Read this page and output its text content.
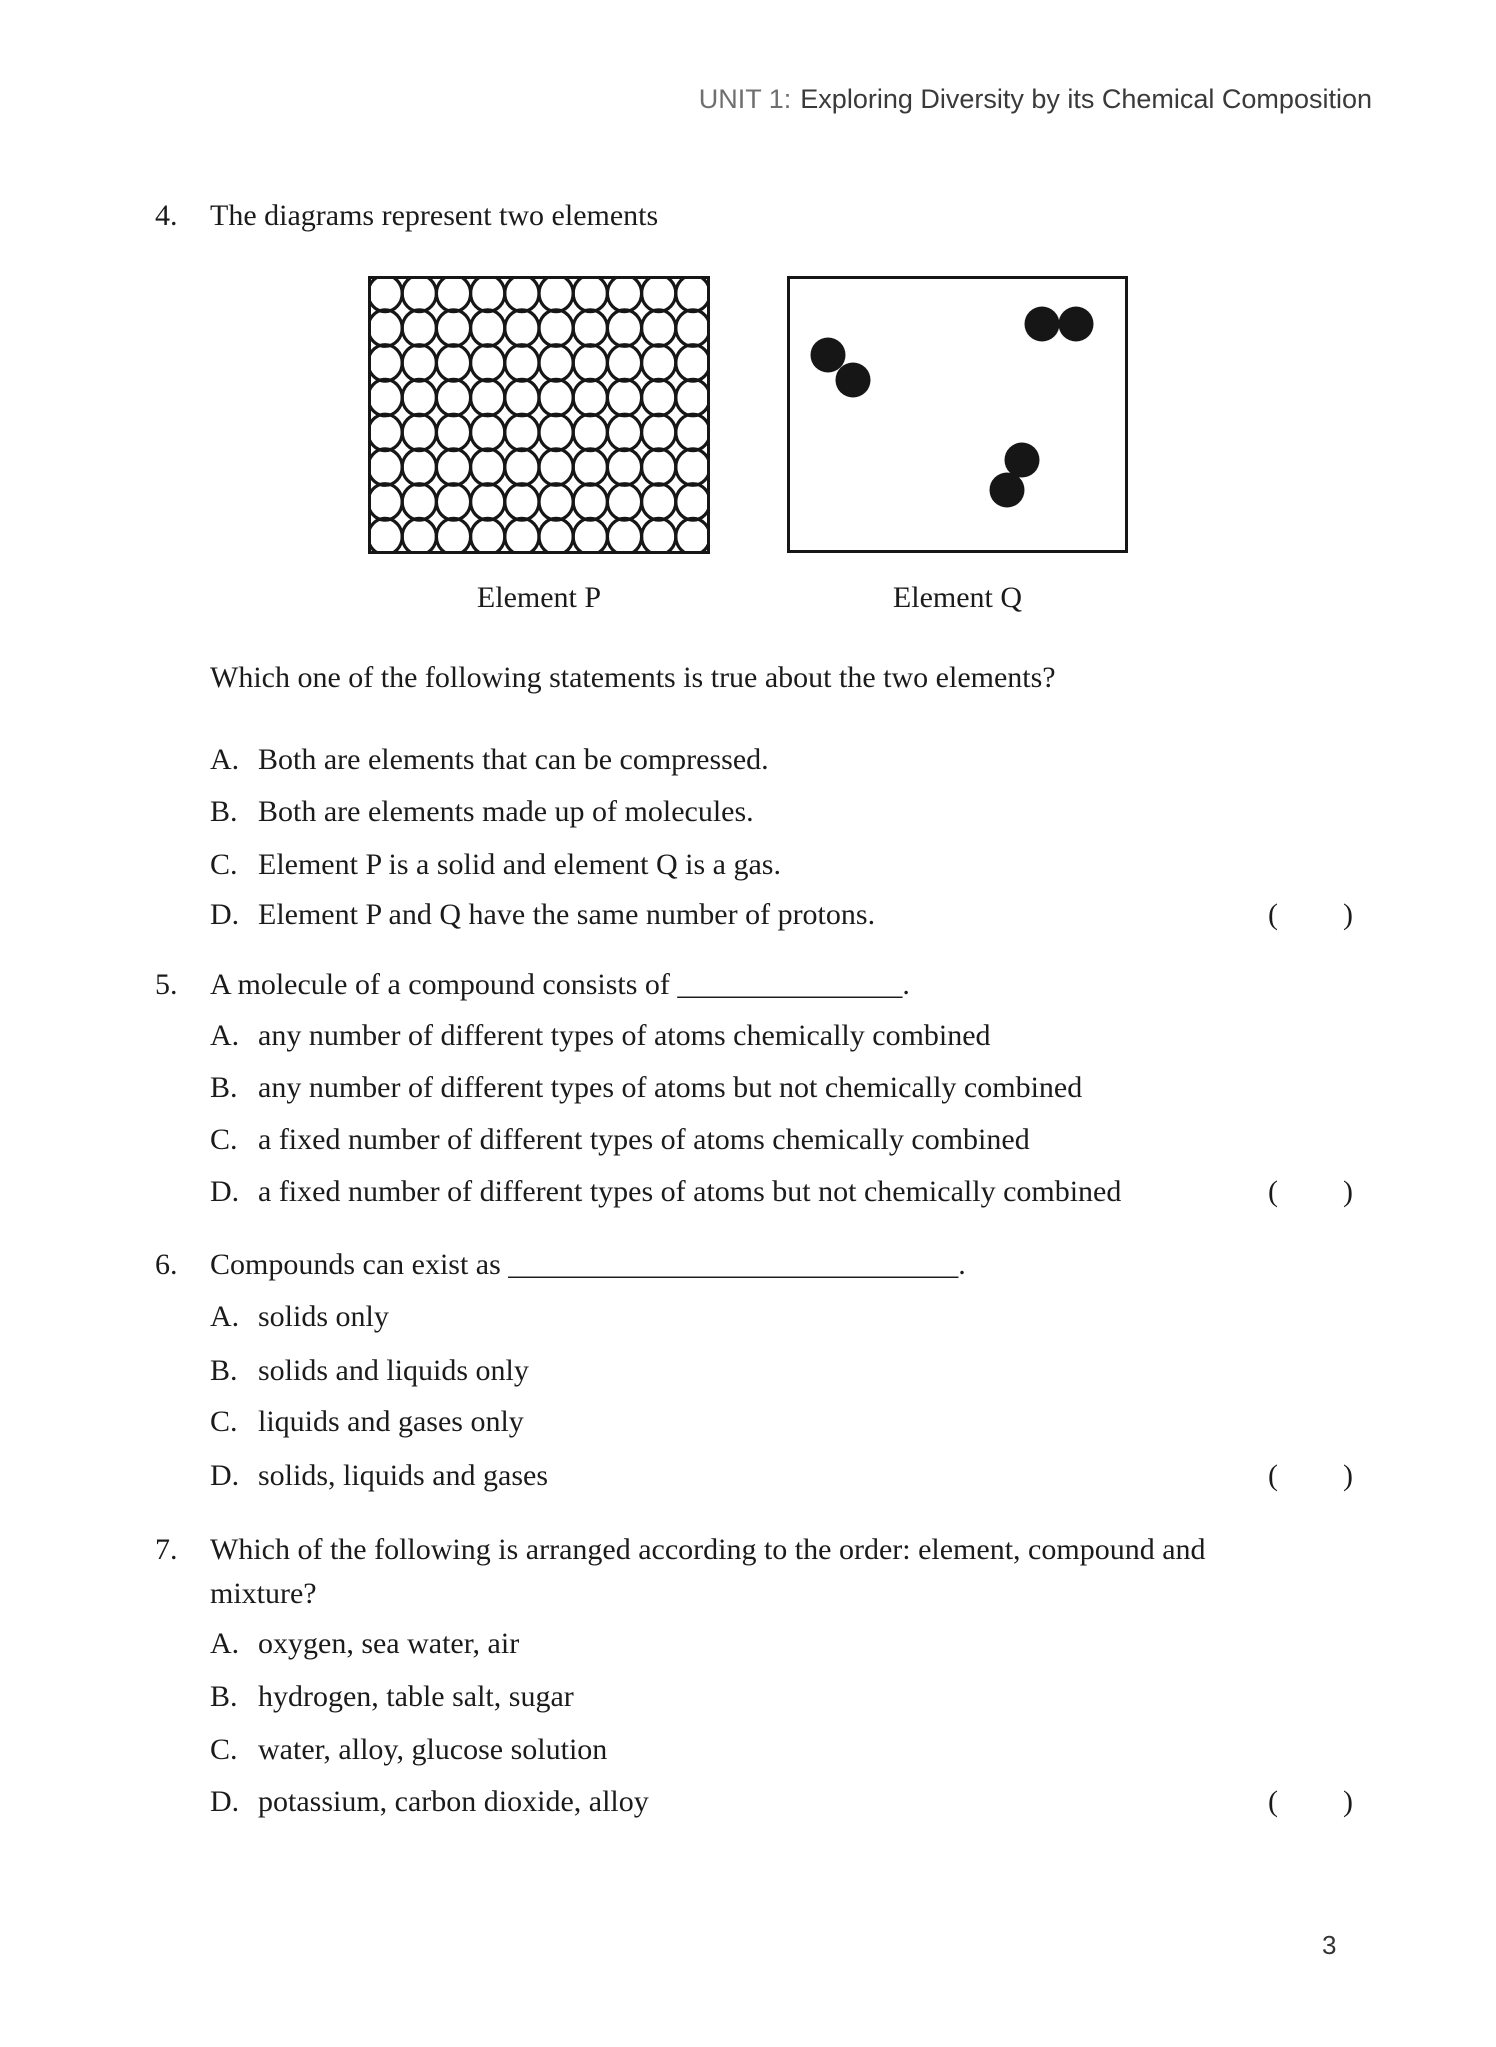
UNIT 1: Exploring Diversity by its Chemical Composition
4. The diagrams represent two elements
Element P	Element Q
Which one of the following statements is true about the two elements?
A. Both are elements that can be compressed.
B. Both are elements made up of molecules.
C. Element P is a solid and element Q is a gas.
D. Element P and Q have the same number of protons.	( )
5. A molecule of a compound consists of _______________.
A. any number of different types of atoms chemically combined
B. any number of different types of atoms but not chemically combined
C. a fixed number of different types of atoms chemically combined
D. a fixed number of different types of atoms but not chemically combined	( )
6. Compounds can exist as ______________________________.
A. solids only
B. solids and liquids only
C. liquids and gases only
D. solids, liquids and gases	( )
7. Which of the following is arranged according to the order: element, compound and
mixture?
A. oxygen, sea water, air
B. hydrogen, table salt, sugar
C. water, alloy, glucose solution
D. potassium, carbon dioxide, alloy	( )
3
